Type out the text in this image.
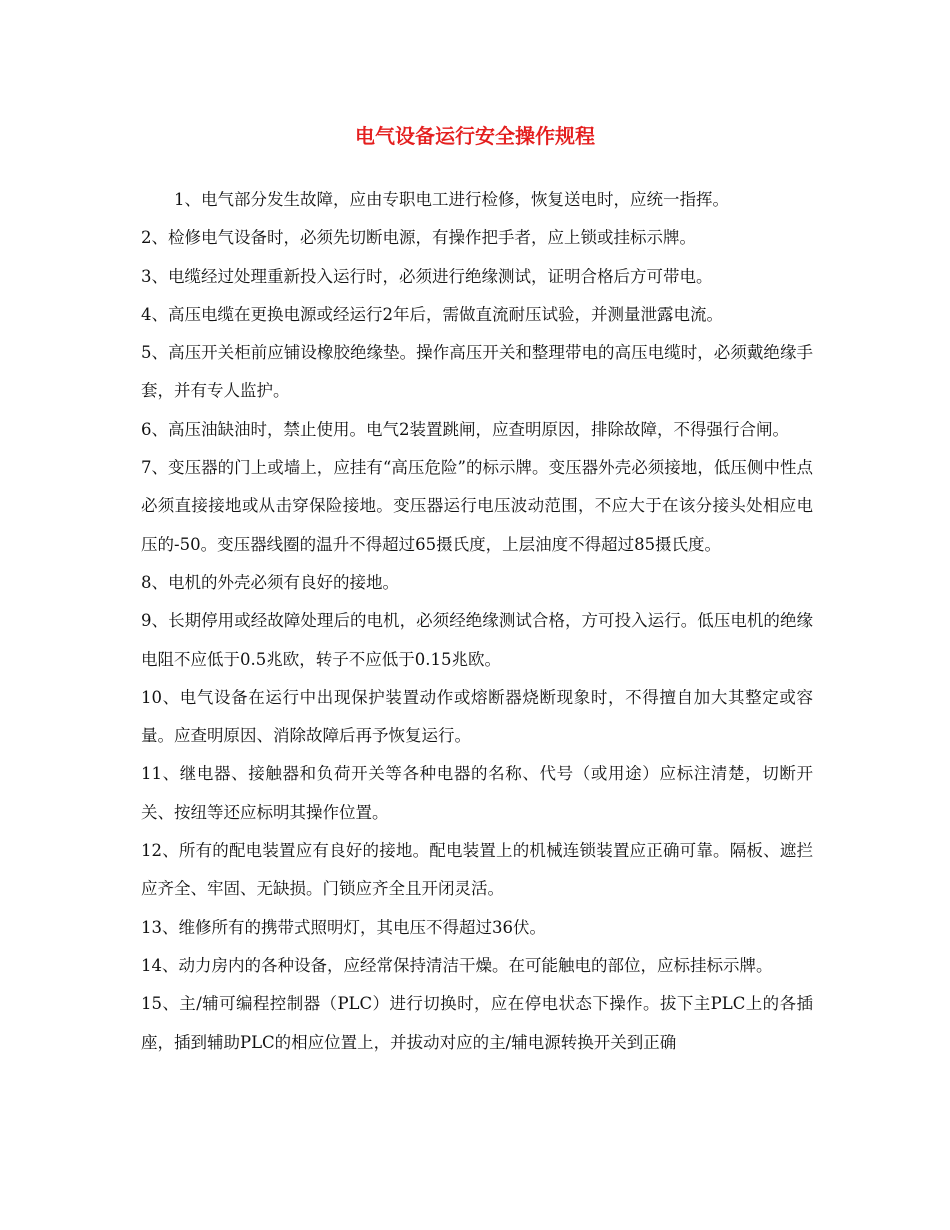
电气设备运行安全操作规程

1、电气部分发生故障，应由专职电工进行检修，恢复送电时，应统一指挥。

2、检修电气设备时，必须先切断电源，有操作把手者，应上锁或挂标示牌。

3、电缆经过处理重新投入运行时，必须进行绝缘测试，证明合格后方可带电。

4、高压电缆在更换电源或经运行2年后，需做直流耐压试验，并测量泄露电流。

5、高压开关柜前应铺设橡胶绝缘垫。操作高压开关和整理带电的高压电缆时，必须戴绝缘手套，并有专人监护。

6、高压油缺油时，禁止使用。电气2装置跳闸，应查明原因，排除故障，不得强行合闸。

7、变压器的门上或墙上，应挂有“高压危险”的标示牌。变压器外壳必须接地，低压侧中性点必须直接接地或从击穿保险接地。变压器运行电压波动范围，不应大于在该分接头处相应电压的-50。变压器线圈的温升不得超过65摄氏度，上层油度不得超过85摄氏度。

8、电机的外壳必须有良好的接地。

9、长期停用或经故障处理后的电机，必须经绝缘测试合格，方可投入运行。低压电机的绝缘电阻不应低于0.5兆欧，转子不应低于0.15兆欧。

10、电气设备在运行中出现保护装置动作或熔断器烧断现象时，不得擅自加大其整定或容量。应查明原因、消除故障后再予恢复运行。

11、继电器、接触器和负荷开关等各种电器的名称、代号（或用途）应标注清楚，切断开关、按纽等还应标明其操作位置。

12、所有的配电装置应有良好的接地。配电装置上的机械连锁装置应正确可靠。隔板、遮拦应齐全、牢固、无缺损。门锁应齐全且开闭灵活。

13、维修所有的携带式照明灯，其电压不得超过36伏。

14、动力房内的各种设备，应经常保持清洁干燥。在可能触电的部位，应标挂标示牌。

15、主/辅可编程控制器（PLC）进行切换时，应在停电状态下操作。拔下主PLC上的各插座，插到辅助PLC的相应位置上，并拔动对应的主/辅电源转换开关到正确
